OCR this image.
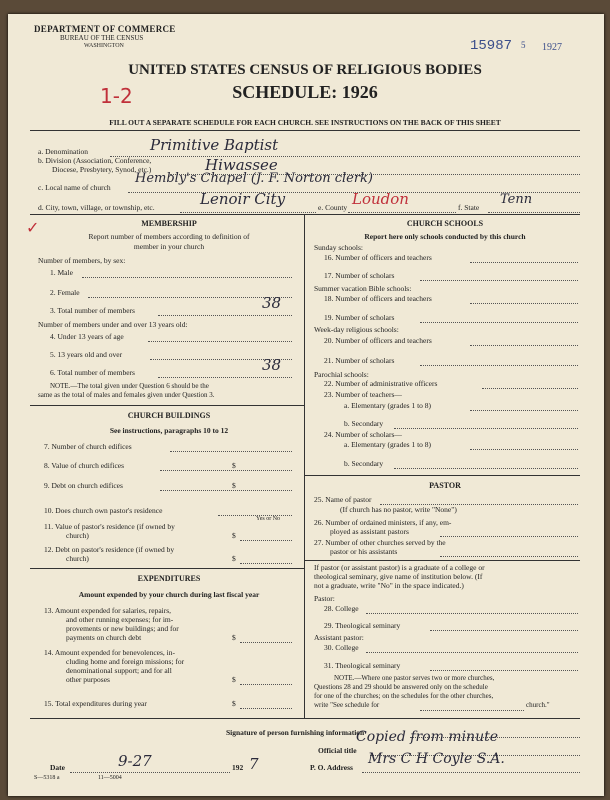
DEPARTMENT OF COMMERCE
BUREAU OF THE CENSUS
WASHINGTON	15987 5 1927
UNITED STATES CENSUS OF RELIGIOUS BODIES
SCHEDULE: 1926
1-2
FILL OUT A SEPARATE SCHEDULE FOR EACH CHURCH. SEE INSTRUCTIONS ON THE BACK OF THIS SHEET
a. Denomination	Primitive Baptist
b. Division (Association, Conference,
Diocese, Presbytery, Synod, etc.)	Hiwassee
c. Local name of church
Hembly's Chapel (J. F. Norton clerk)
d. City, town, village, or township, etc.	Lenoir City	e. County Loudon	f. State
Tenn
✓	MEMBERSHIP
Report number of members according to definition of
member in your church
Number of members, by sex:
1. Male
2. Female
3. Total number of members	38
Number of members under and over 13 years old:
4. Under 13 years of age
5. 13 years old and over
6. Total number of members	38
NOTE.—The total given under Question 6 should be the
same as the total of males and females given under Question 3.
CHURCH BUILDINGS
See instructions, paragraphs 10 to 12
7. Number of church edifices
8. Value of church edifices	$
9. Debt on church edifices	$
10. Does church own pastor's residence
Yes or No
11. Value of pastor's residence (if owned by
church)	$
12. Debt on pastor's residence (if owned by
church)	$
EXPENDITURES
Amount expended by your church during last fiscal year
13. Amount expended for salaries, repairs,
and other running expenses; for im-
provements or new buildings; and for
payments on church debt	$
14. Amount expended for benevolences, in-
cluding home and foreign missions; for
denominational support; and for all
other purposes	$
15. Total expenditures during year	$
CHURCH SCHOOLS
Report here only schools conducted by this church
Sunday schools:
16. Number of officers and teachers
17. Number of scholars
Summer vacation Bible schools:
18. Number of officers and teachers
19. Number of scholars
Week-day religious schools:
20. Number of officers and teachers
21. Number of scholars
Parochial schools:
22. Number of administrative officers
23. Number of teachers—
a. Elementary (grades 1 to 8)
b. Secondary
24. Number of scholars—
a. Elementary (grades 1 to 8)
b. Secondary
PASTOR
25. Name of pastor
(If church has no pastor, write "None")
26. Number of ordained ministers, if any, em-
ployed as assistant pastors
27. Number of other churches served by the
pastor or his assistants
If pastor (or assistant pastor) is a graduate of a college or
theological seminary, give name of institution below. (If
not a graduate, write "No" in the space indicated.)
Pastor:
28. College
29. Theological seminary
Assistant pastor:
30. College
31. Theological seminary
NOTE.—Where one pastor serves two or more churches,
Questions 28 and 29 should be answered only on the schedule
for one of the churches; on the schedules for the other churches,
write "See schedule for	church."
Signature of person furnishing information
Official title
Copied from minute
Date	9-27	192 7	P. O. Address
Mrs C H Coyle S.A.
S—5318 a	11—5004
